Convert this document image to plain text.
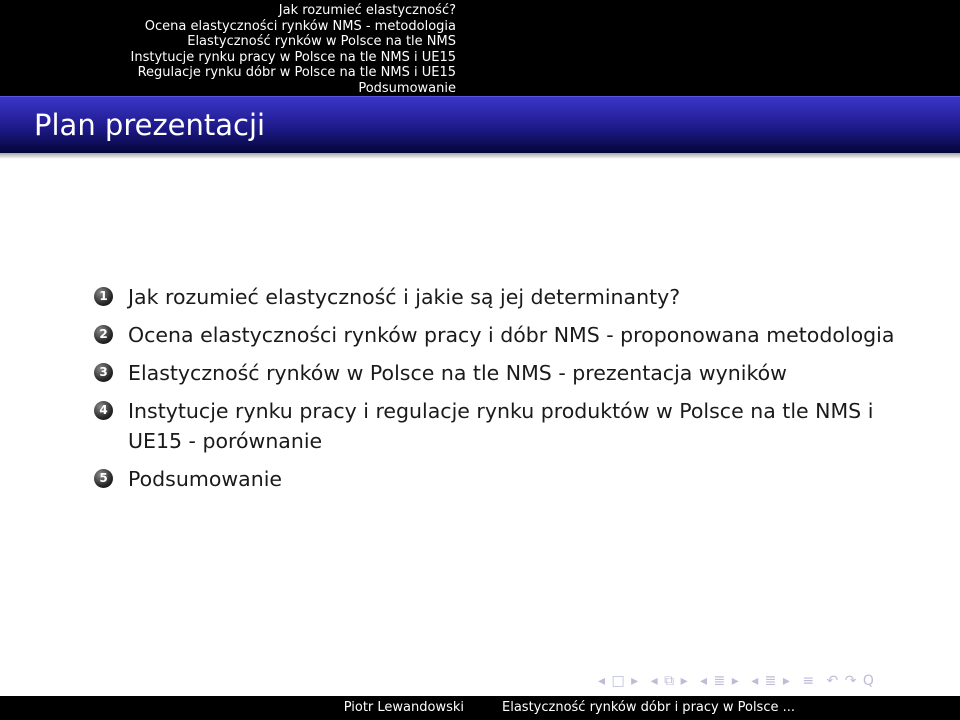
Jak rozumieć elastyczność?
Ocena elastyczności rynków NMS - metodologia
Elastyczność rynków w Polsce na tle NMS
Instytucje rynku pracy w Polsce na tle NMS i UE15
Regulacje rynku dóbr w Polsce na tle NMS i UE15
Podsumowanie
Plan prezentacji
1 Jak rozumieć elastyczność i jakie są jej determinanty?
2 Ocena elastyczności rynków pracy i dóbr NMS - proponowana metodologia
3 Elastyczność rynków w Polsce na tle NMS - prezentacja wyników
4 Instytucje rynku pracy i regulacje rynku produktów w Polsce na tle NMS i UE15 - porównanie
5 Podsumowanie
◂ □ ▸ ◂ ⧉ ▸ ◂ ≣ ▸ ◂ ≣ ▸ ≡ ↶ ↷ Q
Piotr Lewandowski	Elastyczność rynków dóbr i pracy w Polsce ...
